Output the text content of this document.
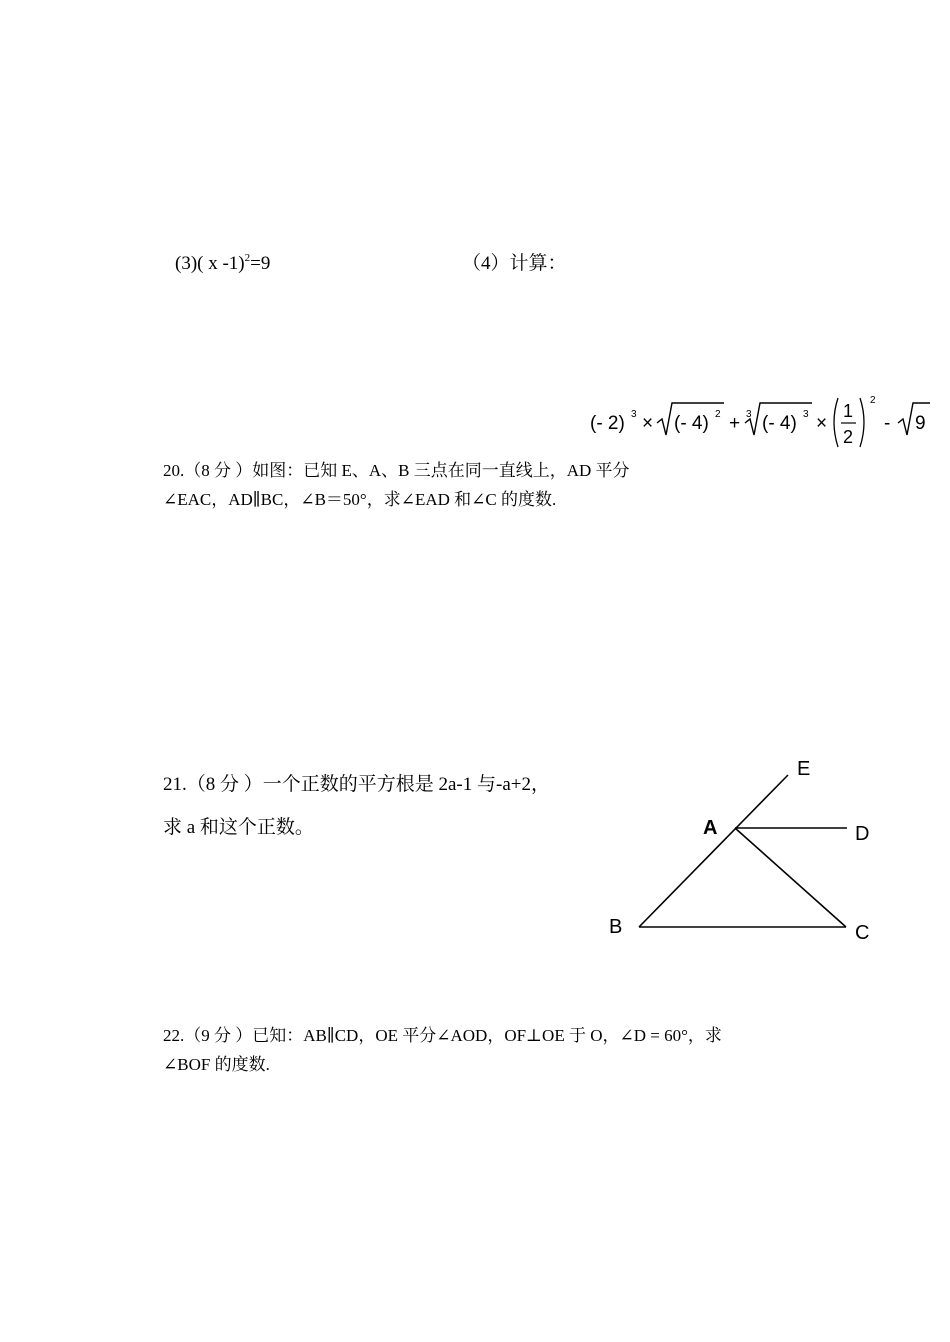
(3)( x -1)$^2$=9	（4）计算：
(- 2) 3 × (- 4) 2 + 3 (- 4) 3 ×
1
2
2
- 9
20.（8 分 ）如图：已知 E、A、B 三点在同一直线上，AD 平分
∠EAC，AD∥BC，∠B＝50°，求∠EAD 和∠C 的度数.
21.（8 分 ）一个正数的平方根是 2a-1 与-a+2，
求 a 和这个正数。
E
A	D
B	C
22.（9 分 ）已知：AB∥CD，OE 平分∠AOD，OF⊥OE 于 O，∠D = 60°，求
∠BOF 的度数.
